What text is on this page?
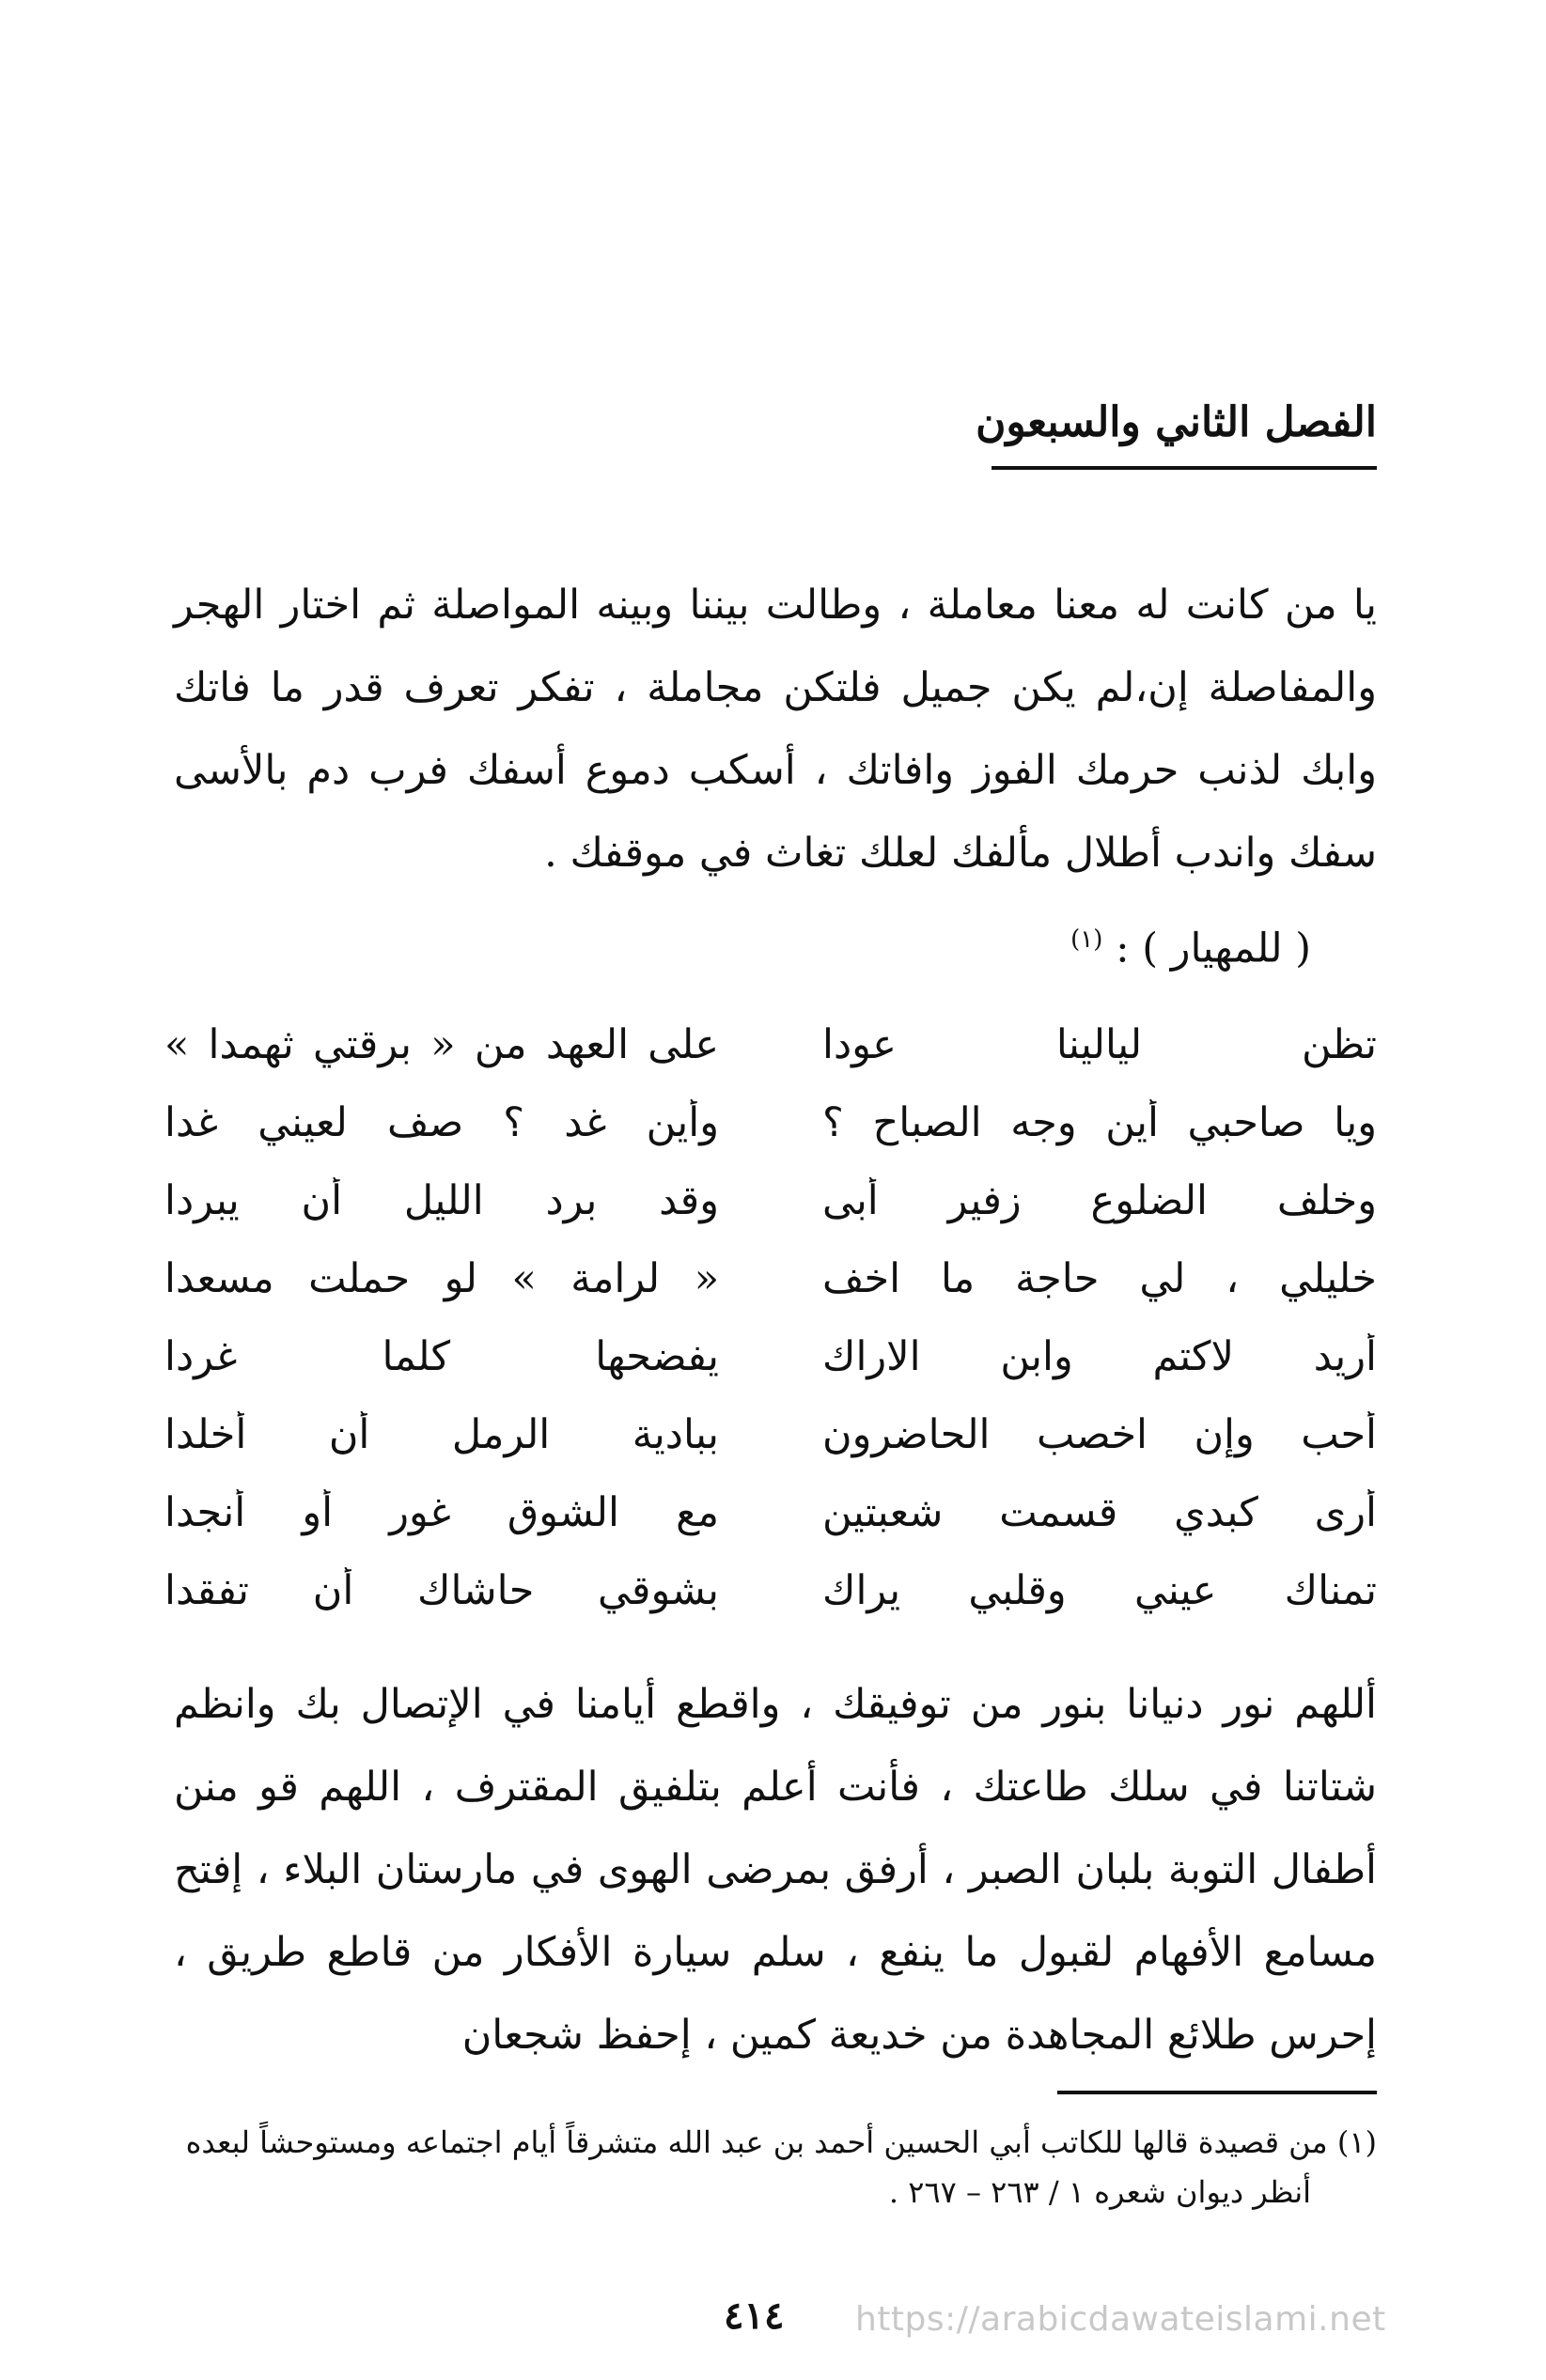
الفصل الثاني والسبعون
يا من كانت له معنا معاملة ، وطالت بيننا وبينه المواصلة ثم اختار الهجر والمفاصلة إن،لم يكن جميل فلتكن مجاملة ، تفكر تعرف قدر ما فاتك وابك لذنب حرمك الفوز وافاتك ، أسكب دموع أسفك فرب دم بالأسى سفك واندب أطلال مألفك لعلك تغاث في موقفك .
( للمهيار ) : $^{(١)}$
تظن ليالينا عودا
على العهد من « برقتي ثهمدا »
ويا صاحبي أين وجه الصباح ؟
وأين غد ؟ صف لعيني غدا
وخلف الضلوع زفير أبى
وقد برد الليل أن يبردا
خليلي ، لي حاجة ما اخف
« لرامة » لو حملت مسعدا
أريد لاكتم وابن الاراك
يفضحها كلما غردا
أحب وإن اخصب الحاضرون
ببادية الرمل أن أخلدا
أرى كبدي قسمت شعبتين
مع الشوق غور أو أنجدا
تمناك عيني وقلبي يراك
بشوقي حاشاك أن تفقدا
أللهم نور دنيانا بنور من توفيقك ، واقطع أيامنا في الإتصال بك وانظم شتاتنا في سلك طاعتك ، فأنت أعلم بتلفيق المقترف ، اللهم قو منن أطفال التوبة بلبان الصبر ، أرفق بمرضى الهوى في مارستان البلاء ، إفتح مسامع الأفهام لقبول ما ينفع ، سلم سيارة الأفكار من قاطع طريق ، إحرس طلائع المجاهدة من خديعة كمين ، إحفظ شجعان
(١) من قصيدة قالها للكاتب أبي الحسين أحمد بن عبد الله متشرقاً أيام اجتماعه ومستوحشاً لبعده
أنظر ديوان شعره ١ / ٢٦٣ – ٢٦٧ .
٤١٤ https://arabicdawateislami.net
